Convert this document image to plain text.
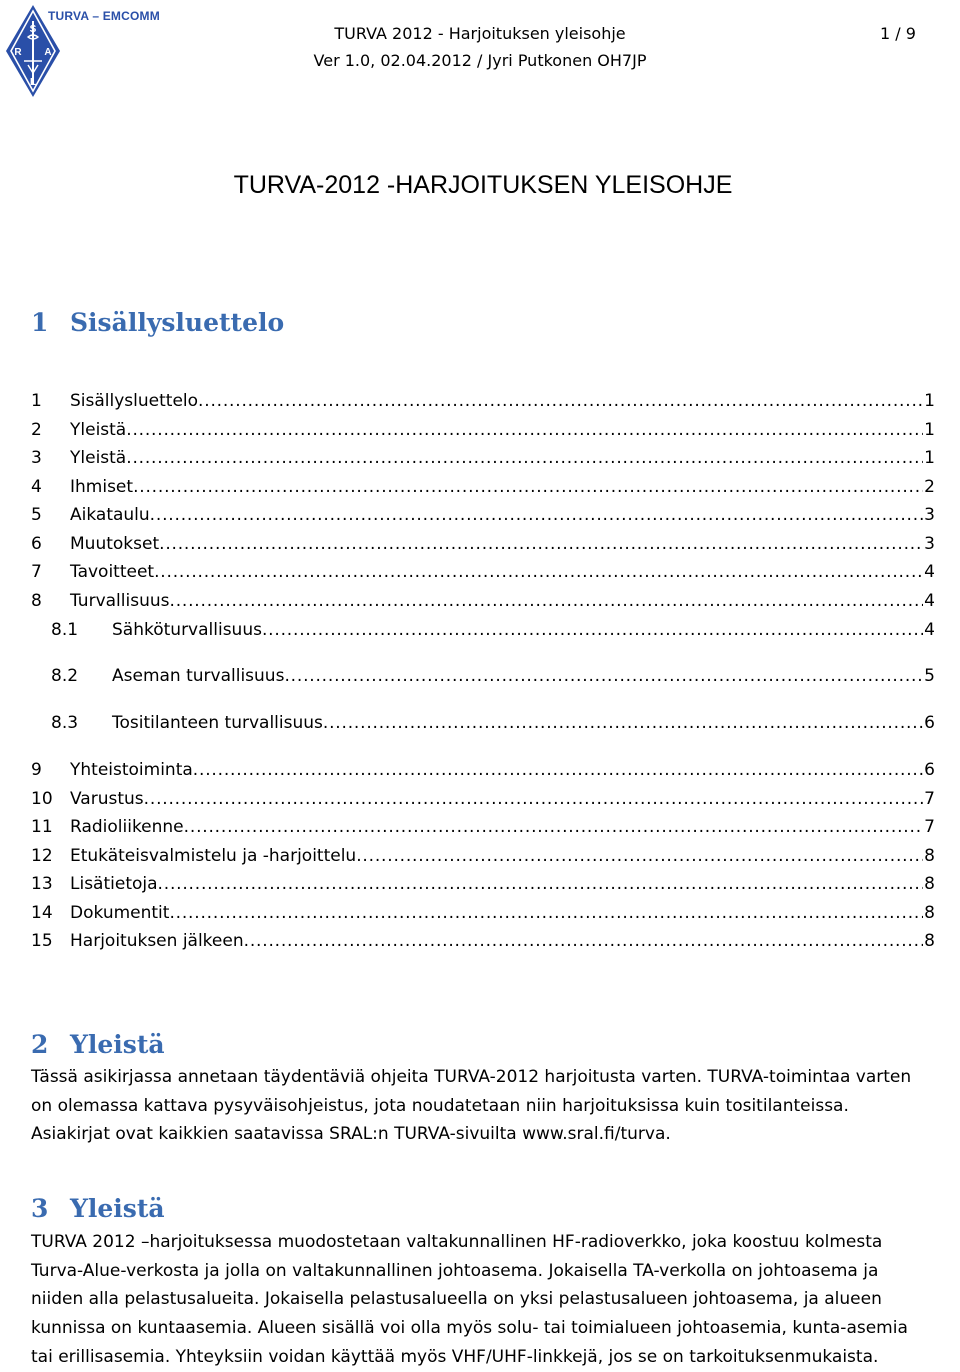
S
R A
L
TURVA – EMCOMM
TURVA 2012 - Harjoituksen yleisohje
Ver 1.0, 02.04.2012 / Jyri Putkonen OH7JP
1 / 9
TURVA-2012 -HARJOITUKSEN YLEISOHJE
1 Sisällysluettelo
1	Sisällysluettelo .....	1
2	Yleistä .....	1
3	Yleistä .....	1
4	Ihmiset .....	2
5	Aikataulu .....	3
6	Muutokset .....	3
7	Tavoitteet .....	4
8	Turvallisuus .....	4
8.1	Sähköturvallisuus .....	4
8.2	Aseman turvallisuus .....	5
8.3	Tositilanteen turvallisuus .....	6
9	Yhteistoiminta .....	6
10	Varustus .....	7
11	Radioliikenne .....	7
12	Etukäteisvalmistelu ja -harjoittelu .....	8
13	Lisätietoja .....	8
14	Dokumentit .....	8
15	Harjoituksen jälkeen .....	8
2 Yleistä
Tässä asikirjassa annetaan täydentäviä ohjeita TURVA-2012 harjoitusta varten. TURVA-toimintaa varten on olemassa kattava pysyväisohjeistus, jota noudatetaan niin harjoituksissa kuin tositilanteissa. Asiakirjat ovat kaikkien saatavissa SRAL:n TURVA-sivuilta www.sral.fi/turva.
3 Yleistä
TURVA 2012 –harjoituksessa muodostetaan valtakunnallinen HF-radioverkko, joka koostuu kolmesta Turva-Alue-verkosta ja jolla on valtakunnallinen johtoasema. Jokaisella TA-verkolla on johtoasema ja niiden alla pelastusalueita. Jokaisella pelastusalueella on yksi pelastusalueen johtoasema, ja alueen kunnissa on kuntaasemia. Alueen sisällä voi olla myös solu- tai toimialueen johtoasemia, kunta-asemia tai erillisasemia. Yhteyksiin voidan käyttää myös VHF/UHF-linkkejä, jos se on tarkoituksenmukaista.
